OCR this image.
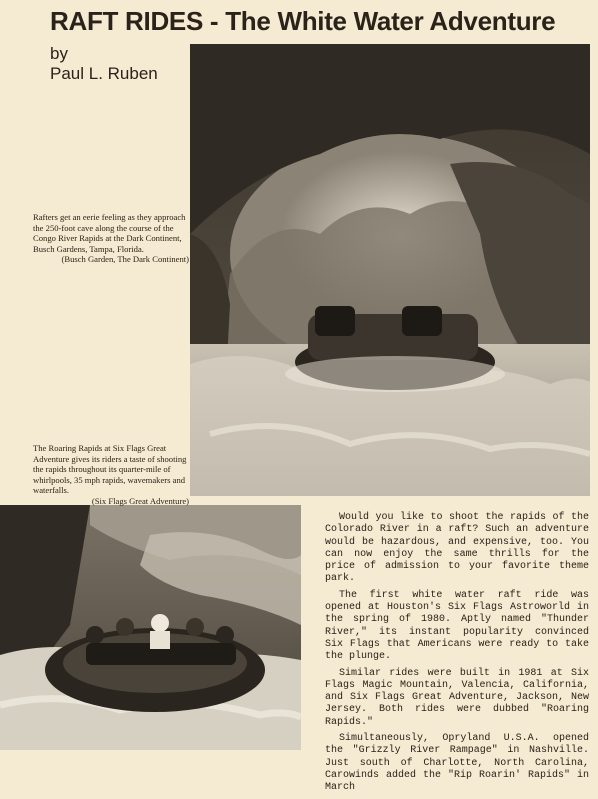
RAFT RIDES - The White Water Adventure
by
Paul L. Ruben
Rafters get an eerie feeling as they approach the 250-foot cave along the course of the Congo River Rapids at the Dark Continent, Busch Gardens, Tampa, Florida.
(Busch Garden, The Dark Continent)
The Roaring Rapids at Six Flags Great Adventure gives its riders a taste of shooting the rapids throughout its quarter-mile of whirlpools, 35 mph rapids, wavemakers and waterfalls.
(Six Flags Great Adventure)

Would you like to shoot the rapids of the Colorado River in a raft? Such an adventure would be hazardous, and expensive, too. You can now enjoy the same thrills for the price of admission to your favorite theme park.

The first white water raft ride was opened at Houston's Six Flags Astroworld in the spring of 1980. Aptly named "Thunder River," its instant popularity convinced Six Flags that Americans were ready to take the plunge.

Similar rides were built in 1981 at Six Flags Magic Mountain, Valencia, California, and Six Flags Great Adventure, Jackson, New Jersey. Both rides were dubbed "Roaring Rapids."

Simultaneously, Opryland U.S.A. opened the "Grizzly River Rampage" in Nashville. Just south of Charlotte, North Carolina, Carowinds added the "Rip Roarin' Rapids" in March
